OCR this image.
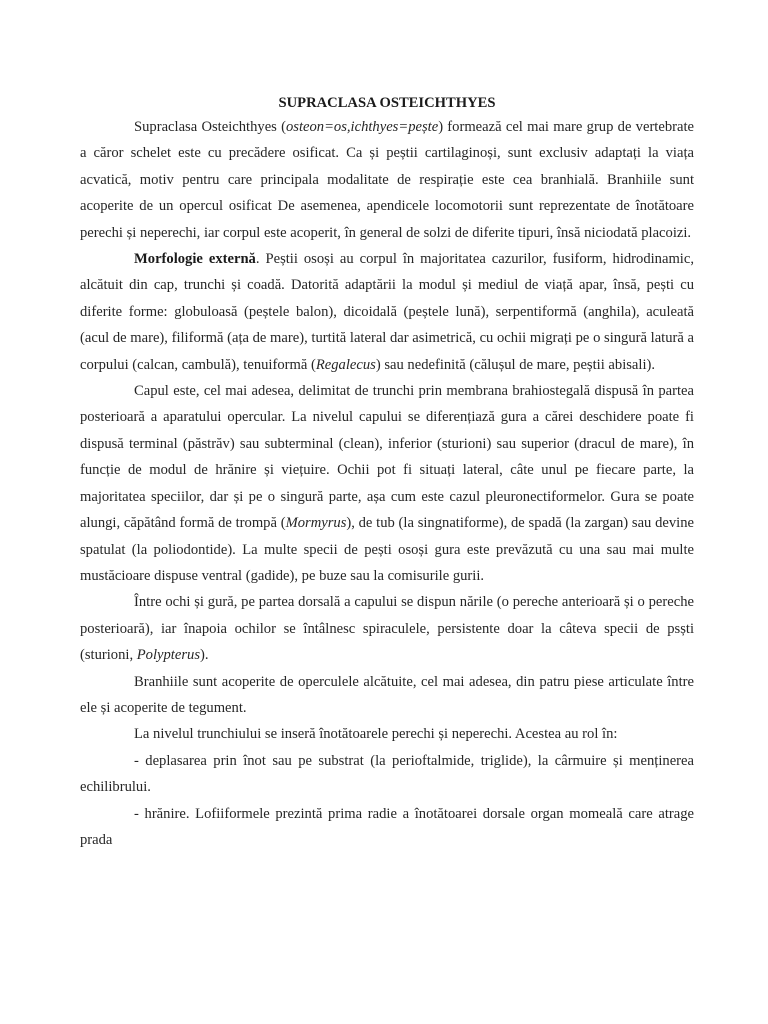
SUPRACLASA OSTEICHTHYES

Supraclasa Osteichthyes (osteon=os,ichthyes=pește) formează cel mai mare grup de vertebrate a căror schelet este cu precădere osificat. Ca și peștii cartilaginoși, sunt exclusiv adaptați la viața acvatică, motiv pentru care principala modalitate de respirație este cea branhială. Branhiile sunt acoperite de un opercul osificat De asemenea, apendicele locomotorii sunt reprezentate de înotătoare perechi și neperechi, iar corpul este acoperit, în general de solzi de diferite tipuri, însă niciodată placoizi.

Morfologie externă. Peștii osoși au corpul în majoritatea cazurilor, fusiform, hidrodinamic, alcătuit din cap, trunchi și coadă. Datorită adaptării la modul și mediul de viață apar, însă, pești cu diferite forme: globuloasă (peștele balon), dicoidală (peștele lună), serpentiformă (anghila), aculeată (acul de mare), filiformă (ața de mare), turtită lateral dar asimetrică, cu ochii migrați pe o singură latură a corpului (calcan, cambulă), tenuiformă (Regalecus) sau nedefinită (călușul de mare, peștii abisali).

Capul este, cel mai adesea, delimitat de trunchi prin membrana brahiostegală dispusă în partea posterioară a aparatului opercular. La nivelul capului se diferențiază gura a cărei deschidere poate fi dispusă terminal (păstrăv) sau subterminal (clean), inferior (sturioni) sau superior (dracul de mare), în funcție de modul de hrănire și viețuire. Ochii pot fi situați lateral, câte unul pe fiecare parte, la majoritatea speciilor, dar și pe o singură parte, așa cum este cazul pleuronectiformelor. Gura se poate alungi, căpătând formă de trompă (Mormyrus), de tub (la singnatiforme), de spadă (la zargan) sau devine spatulat (la poliodontide). La multe specii de pești osoși gura este prevăzută cu una sau mai multe mustăcioare dispuse ventral (gadide), pe buze sau la comisurile gurii.

Între ochi și gură, pe partea dorsală a capului se dispun nările (o pereche anterioară și o pereche posterioară), iar înapoia ochilor se întâlnesc spiraculele, persistente doar la câteva specii de psști (sturioni, Polypterus).

Branhiile sunt acoperite de operculele alcătuite, cel mai adesea, din patru piese articulate între ele și acoperite de tegument.

La nivelul trunchiului se inseră înotătoarele perechi și neperechi. Acestea au rol în:

- deplasarea prin înot sau pe substrat (la perioftalmide, triglide), la cârmuire și menținerea echilibrului.

- hrănire. Lofiiformele prezintă prima radie a înotătoarei dorsale organ momeală care atrage prada
